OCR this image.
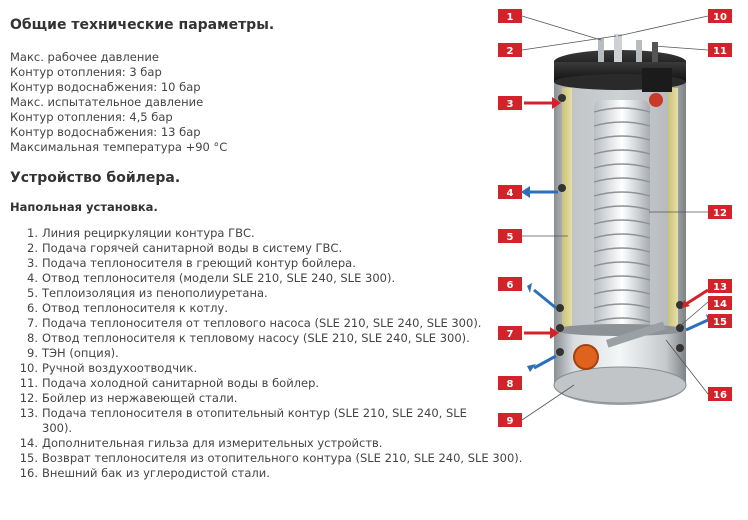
Общие технические параметры.
Макс. рабочее давление
Контур отопления: 3 бар
Контур водоснабжения: 10 бар
Макс. испытательное давление
Контур отопления: 4,5 бар
Контур водоснабжения: 13 бар
Максимальная температура +90 °С
Устройство бойлера.

Напольная установка.

1. Линия рециркуляции контура ГВС.
2. Подача горячей санитарной воды в систему ГВС.
3. Подача теплоносителя в греющий контур бойлера.
4. Отвод теплоносителя (модели SLE 210, SLE 240, SLE 300).
5. Теплоизоляция из пенополиуретана.
6. Отвод теплоносителя к котлу.
7. Подача теплоносителя от теплового насоса (SLE 210, SLE 240, SLE 300).
8. Отвод теплоносителя к тепловому насосу (SLE 210, SLE 240, SLE 300).
9. ТЭН (опция).
10. Ручной воздухоотводчик.
11. Подача холодной санитарной воды в бойлер.
12. Бойлер из нержавеющей стали.
13. Подача теплоносителя в отопительный контур (SLE 210, SLE 240, SLE 300).
14. Дополнительная гильза для измерительных устройств.
15. Возврат теплоносителя из отопительного контура (SLE 210, SLE 240, SLE 300).
16. Внешний бак из углеродистой стали.
1
2
3
4
5
6
7
8
9
10
11
12
13
14
15
16
